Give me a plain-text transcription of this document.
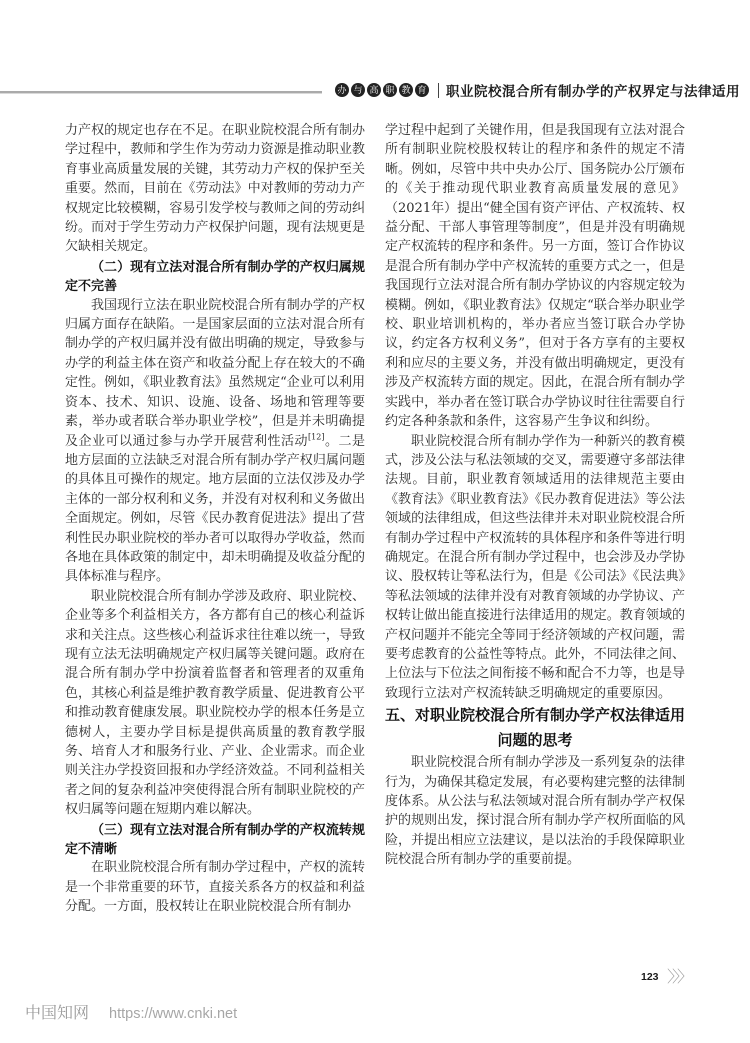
办 与 高 职 教 育 职业院校混合所有制办学的产权界定与法律适用

力产权的规定也存在不足。在职业院校混合所有制办学过程中，教师和学生作为劳动力资源是推动职业教育事业高质量发展的关键，其劳动力产权的保护至关重要。然而，目前在《劳动法》中对教师的劳动力产权规定比较模糊，容易引发学校与教师之间的劳动纠纷。而对于学生劳动力产权保护问题，现有法规更是欠缺相关规定。

（二）现有立法对混合所有制办学的产权归属规定不完善

我国现行立法在职业院校混合所有制办学的产权归属方面存在缺陷。一是国家层面的立法对混合所有制办学的产权归属并没有做出明确的规定，导致参与办学的利益主体在资产和收益分配上存在较大的不确定性。例如，《职业教育法》虽然规定“企业可以利用资本、技术、知识、设施、设备、场地和管理等要素，举办或者联合举办职业学校”，但是并未明确提及企业可以通过参与办学开展营利性活动[12]。二是地方层面的立法缺乏对混合所有制办学产权归属问题的具体且可操作的规定。地方层面的立法仅涉及办学主体的一部分权利和义务，并没有对权利和义务做出全面规定。例如，尽管《民办教育促进法》提出了营利性民办职业院校的举办者可以取得办学收益，然而各地在具体政策的制定中，却未明确提及收益分配的具体标准与程序。

职业院校混合所有制办学涉及政府、职业院校、企业等多个利益相关方，各方都有自己的核心利益诉求和关注点。这些核心利益诉求往往难以统一，导致现有立法无法明确规定产权归属等关键问题。政府在混合所有制办学中扮演着监督者和管理者的双重角色，其核心利益是维护教育教学质量、促进教育公平和推动教育健康发展。职业院校办学的根本任务是立德树人，主要办学目标是提供高质量的教育教学服务、培育人才和服务行业、产业、企业需求。而企业则关注办学投资回报和办学经济效益。不同利益相关者之间的复杂利益冲突使得混合所有制职业院校的产权归属等问题在短期内难以解决。

（三）现有立法对混合所有制办学的产权流转规定不清晰

在职业院校混合所有制办学过程中，产权的流转是一个非常重要的环节，直接关系各方的权益和利益分配。一方面，股权转让在职业院校混合所有制办

学过程中起到了关键作用，但是我国现有立法对混合所有制职业院校股权转让的程序和条件的规定不清晰。例如，尽管中共中央办公厅、国务院办公厅颁布的《关于推动现代职业教育高质量发展的意见》（2021年）提出“健全国有资产评估、产权流转、权益分配、干部人事管理等制度”，但是并没有明确规定产权流转的程序和条件。另一方面，签订合作协议是混合所有制办学中产权流转的重要方式之一，但是我国现行立法对混合所有制办学协议的内容规定较为模糊。例如，《职业教育法》仅规定“联合举办职业学校、职业培训机构的，举办者应当签订联合办学协议，约定各方权利义务”，但对于各方享有的主要权利和应尽的主要义务，并没有做出明确规定，更没有涉及产权流转方面的规定。因此，在混合所有制办学实践中，举办者在签订联合办学协议时往往需要自行约定各种条款和条件，这容易产生争议和纠纷。

职业院校混合所有制办学作为一种新兴的教育模式，涉及公法与私法领域的交叉，需要遵守多部法律法规。目前，职业教育领域适用的法律规范主要由《教育法》《职业教育法》《民办教育促进法》等公法领域的法律组成，但这些法律并未对职业院校混合所有制办学过程中产权流转的具体程序和条件等进行明确规定。在混合所有制办学过程中，也会涉及办学协议、股权转让等私法行为，但是《公司法》《民法典》等私法领域的法律并没有对教育领域的办学协议、产权转让做出能直接进行法律适用的规定。教育领域的产权问题并不能完全等同于经济领域的产权问题，需要考虑教育的公益性等特点。此外，不同法律之间、上位法与下位法之间衔接不畅和配合不力等，也是导致现行立法对产权流转缺乏明确规定的重要原因。

五、对职业院校混合所有制办学产权法律适用问题的思考

职业院校混合所有制办学涉及一系列复杂的法律行为，为确保其稳定发展，有必要构建完整的法律制度体系。从公法与私法领域对混合所有制办学产权保护的规则出发，探讨混合所有制办学产权所面临的风险，并提出相应立法建议，是以法治的手段保障职业院校混合所有制办学的重要前提。

123 〉〉〉
中国知网 https://www.cnki.net
